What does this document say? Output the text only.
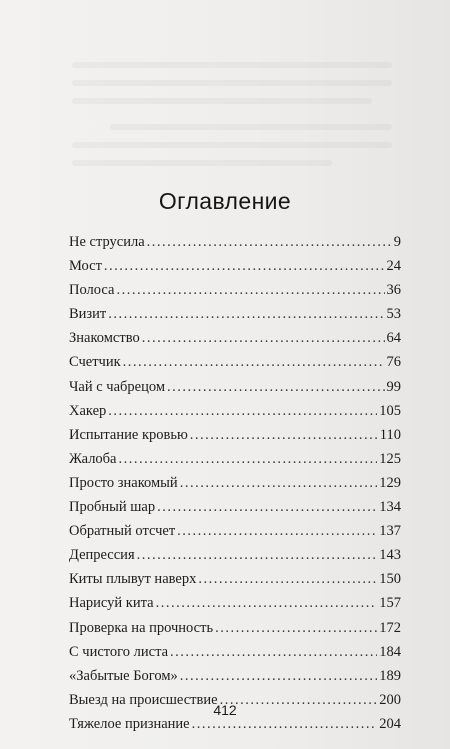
Оглавление
Не струсила .....	9
Мост .....	24
Полоса .....	36
Визит .....	53
Знакомство .....	64
Счетчик .....	76
Чай с чабрецом .....	99
Хакер .....	105
Испытание кровью .....	110
Жалоба .....	125
Просто знакомый .....	129
Пробный шар .....	134
Обратный отсчет .....	137
Депрессия .....	143
Киты плывут наверх .....	150
Нарисуй кита .....	157
Проверка на прочность .....	172
С чистого листа .....	184
«Забытые Богом» .....	189
Выезд на происшествие .....	200
Тяжелое признание .....	204
412
